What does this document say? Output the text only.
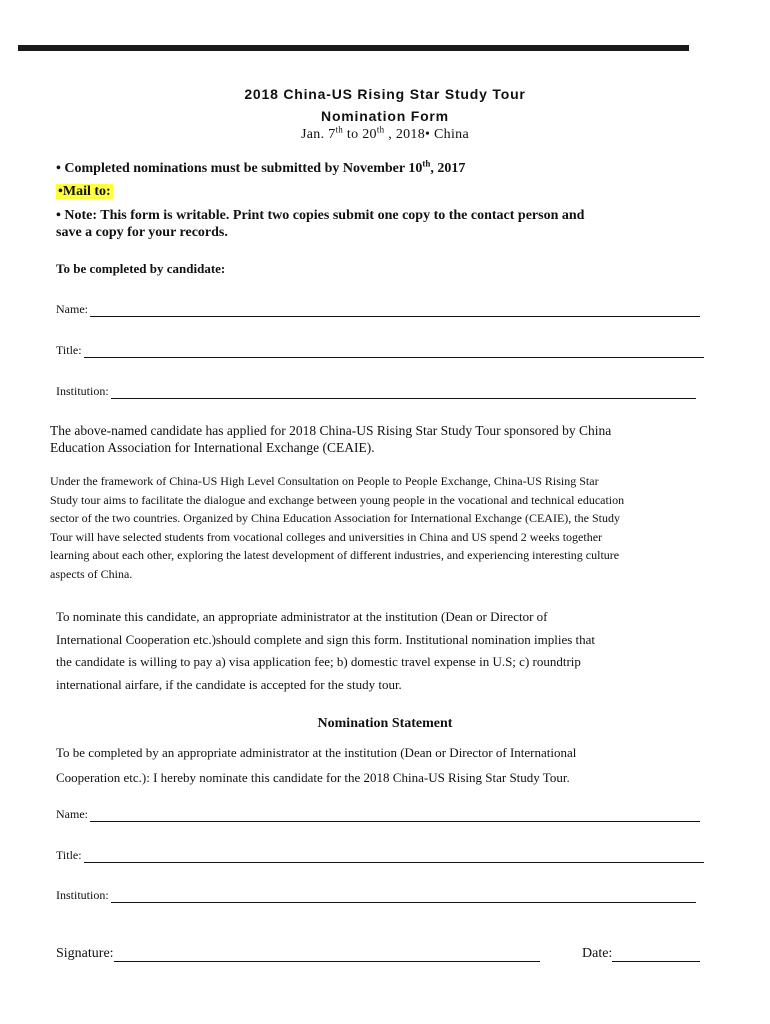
2018 China-US Rising Star Study Tour
Nomination Form
Jan. 7th to 20th , 2018• China
• Completed nominations must be submitted by November 10th, 2017
•Mail to:
• Note: This form is writable. Print two copies submit one copy to the contact person and
save a copy for your records.
To be completed by candidate:
Name:
Title:
Institution:
The above-named candidate has applied for 2018 China-US Rising Star Study Tour sponsored by China
Education Association for International Exchange (CEAIE).
Under the framework of China-US High Level Consultation on People to People Exchange, China-US Rising Star
Study tour aims to facilitate the dialogue and exchange between young people in the vocational and technical education
sector of the two countries. Organized by China Education Association for International Exchange (CEAIE), the Study
Tour will have selected students from vocational colleges and universities in China and US spend 2 weeks together
learning about each other, exploring the latest development of different industries, and experiencing interesting culture
aspects of China.
To nominate this candidate, an appropriate administrator at the institution (Dean or Director of
International Cooperation etc.)should complete and sign this form. Institutional nomination implies that
the candidate is willing to pay a) visa application fee; b) domestic travel expense in U.S; c) roundtrip
international airfare, if the candidate is accepted for the study tour.
Nomination Statement
To be completed by an appropriate administrator at the institution (Dean or Director of International
Cooperation etc.): I hereby nominate this candidate for the 2018 China-US Rising Star Study Tour.
Name:
Title:
Institution:
Signature:	Date:
